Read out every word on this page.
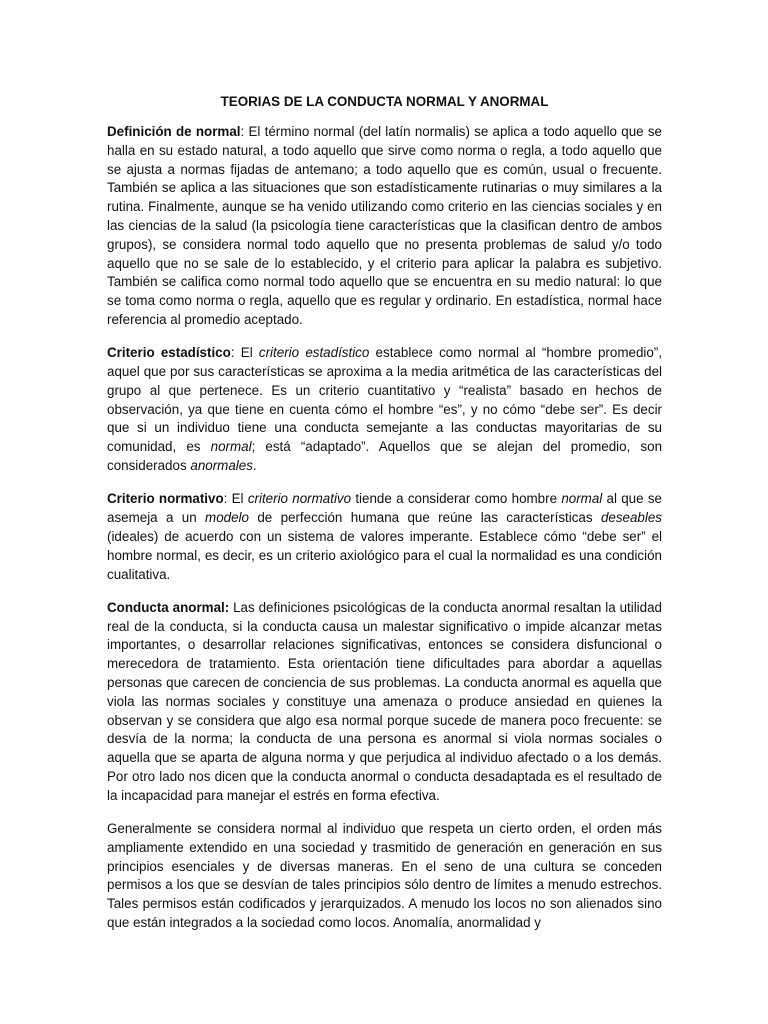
TEORIAS DE LA CONDUCTA NORMAL Y ANORMAL

Definición de normal: El término normal (del latín normalis) se aplica a todo aquello que se halla en su estado natural, a todo aquello que sirve como norma o regla, a todo aquello que se ajusta a normas fijadas de antemano; a todo aquello que es común, usual o frecuente. También se aplica a las situaciones que son estadísticamente rutinarias o muy similares a la rutina. Finalmente, aunque se ha venido utilizando como criterio en las ciencias sociales y en las ciencias de la salud (la psicología tiene características que la clasifican dentro de ambos grupos), se considera normal todo aquello que no presenta problemas de salud y/o todo aquello que no se sale de lo establecido, y el criterio para aplicar la palabra es subjetivo. También se califica como normal todo aquello que se encuentra en su medio natural: lo que se toma como norma o regla, aquello que es regular y ordinario. En estadística, normal hace referencia al promedio aceptado.

Criterio estadístico: El criterio estadístico establece como normal al “hombre promedio”, aquel que por sus características se aproxima a la media aritmética de las características del grupo al que pertenece. Es un criterio cuantitativo y “realista” basado en hechos de observación, ya que tiene en cuenta cómo el hombre “es”, y no cómo “debe ser”. Es decir que si un individuo tiene una conducta semejante a las conductas mayoritarias de su comunidad, es normal; está “adaptado”. Aquellos que se alejan del promedio, son considerados anormales.

Criterio normativo: El criterio normativo tiende a considerar como hombre normal al que se asemeja a un modelo de perfección humana que reúne las características deseables (ideales) de acuerdo con un sistema de valores imperante. Establece cómo “debe ser” el hombre normal, es decir, es un criterio axiológico para el cual la normalidad es una condición cualitativa.

Conducta anormal: Las definiciones psicológicas de la conducta anormal resaltan la utilidad real de la conducta, si la conducta causa un malestar significativo o impide alcanzar metas importantes, o desarrollar relaciones significativas, entonces se considera disfuncional o merecedora de tratamiento. Esta orientación tiene dificultades para abordar a aquellas personas que carecen de conciencia de sus problemas. La conducta anormal es aquella que viola las normas sociales y constituye una amenaza o produce ansiedad en quienes la observan y se considera que algo esa normal porque sucede de manera poco frecuente: se desvía de la norma; la conducta de una persona es anormal si viola normas sociales o aquella que se aparta de alguna norma y que perjudica al individuo afectado o a los demás. Por otro lado nos dicen que la conducta anormal o conducta desadaptada es el resultado de la incapacidad para manejar el estrés en forma efectiva.

Generalmente se considera normal al individuo que respeta un cierto orden, el orden más ampliamente extendido en una sociedad y trasmitido de generación en generación en sus principios esenciales y de diversas maneras. En el seno de una cultura se conceden permisos a los que se desvían de tales principios sólo dentro de límites a menudo estrechos. Tales permisos están codificados y jerarquizados. A menudo los locos no son alienados sino que están integrados a la sociedad como locos. Anomalía, anormalidad y
